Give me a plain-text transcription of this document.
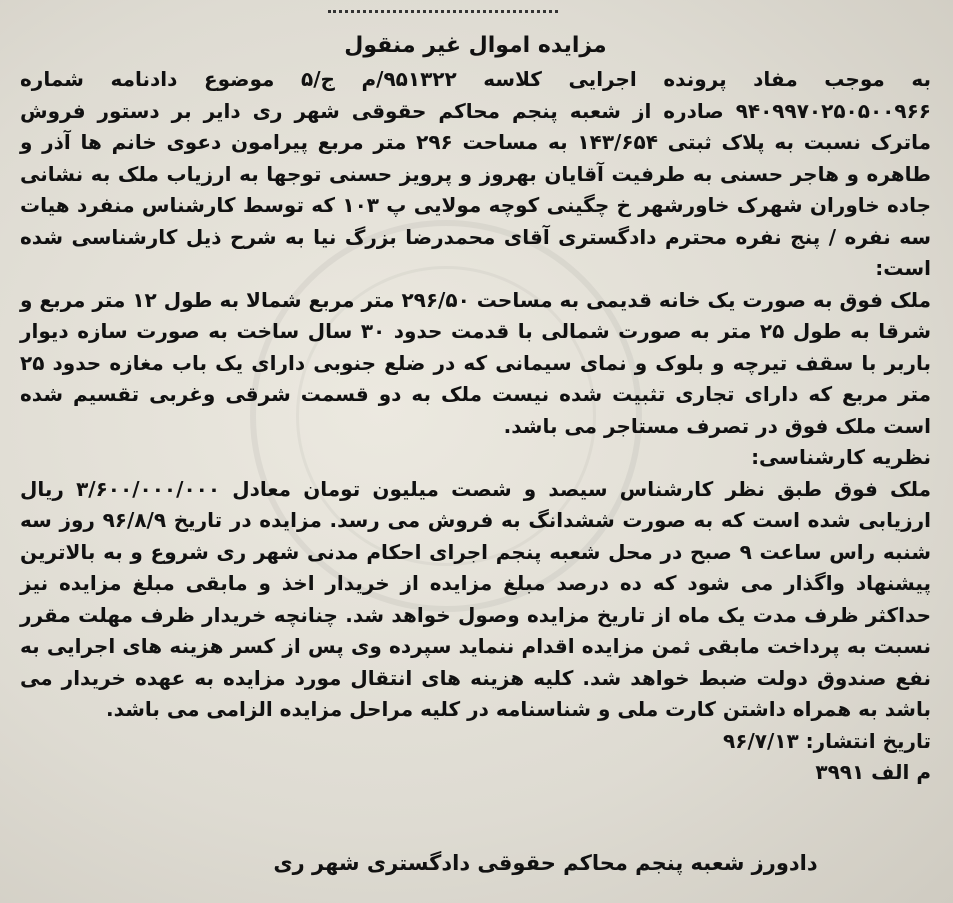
مزایده اموال غیر منقول

به موجب مفاد پرونده اجرایی کلاسه ۹۵۱۳۲۲/م ج/۵ موضوع دادنامه شماره ۹۴۰۹۹۷۰۲۵۰۵۰۰۹۶۶ صادره از شعبه پنجم محاکم حقوقی شهر ری دایر بر دستور فروش ماترک نسبت به پلاک ثبتی ۱۴۳/۶۵۴ به مساحت ۲۹۶ متر مربع پیرامون دعوی خانم ها آذر و طاهره و هاجر حسنی به طرفیت آقایان بهروز و پرویز حسنی توجها به ارزیاب ملک به نشانی جاده خاوران شهرک خاورشهر خ چگینی کوچه مولایی پ ۱۰۳ که توسط کارشناس منفرد هیات سه نفره / پنج نفره محترم دادگستری آقای محمدرضا بزرگ نیا به شرح ذیل کارشناسی شده است:

ملک فوق به صورت یک خانه قدیمی به مساحت ۲۹۶/۵۰ متر مربع شمالا به طول ۱۲ متر مربع و شرقا به طول ۲۵ متر به صورت شمالی با قدمت حدود ۳۰ سال ساخت به صورت سازه دیوار باربر با سقف تیرچه و بلوک و نمای سیمانی که در ضلع جنوبی دارای یک باب مغازه حدود ۲۵ متر مربع که دارای تجاری تثبیت شده نیست ملک به دو قسمت شرقی وغربی تقسیم شده است ملک فوق در تصرف مستاجر می باشد.

نظریه کارشناسی:

ملک فوق طبق نظر کارشناس سیصد و شصت میلیون تومان معادل ۳/۶۰۰/۰۰۰/۰۰۰ ریال ارزیابی شده است که به صورت ششدانگ به فروش می رسد. مزایده در تاریخ ۹۶/۸/۹ روز سه شنبه راس ساعت ۹ صبح در محل شعبه پنجم اجرای احکام مدنی شهر ری شروع و به بالاترین پیشنهاد واگذار می شود که ده درصد مبلغ مزایده از خریدار اخذ و مابقی مبلغ مزایده نیز حداکثر ظرف مدت یک ماه از تاریخ مزایده وصول خواهد شد. چنانچه خریدار ظرف مهلت مقرر نسبت به پرداخت مابقی ثمن مزایده اقدام ننماید سپرده وی پس از کسر هزینه های اجرایی به نفع صندوق دولت ضبط خواهد شد. کلیه هزینه های انتقال مورد مزایده به عهده خریدار می باشد به همراه داشتن کارت ملی و شناسنامه در کلیه مراحل مزایده الزامی می باشد.

تاریخ انتشار: ۹۶/۷/۱۳

م الف ۳۹۹۱

دادورز شعبه پنجم محاکم حقوقی دادگستری شهر ری
